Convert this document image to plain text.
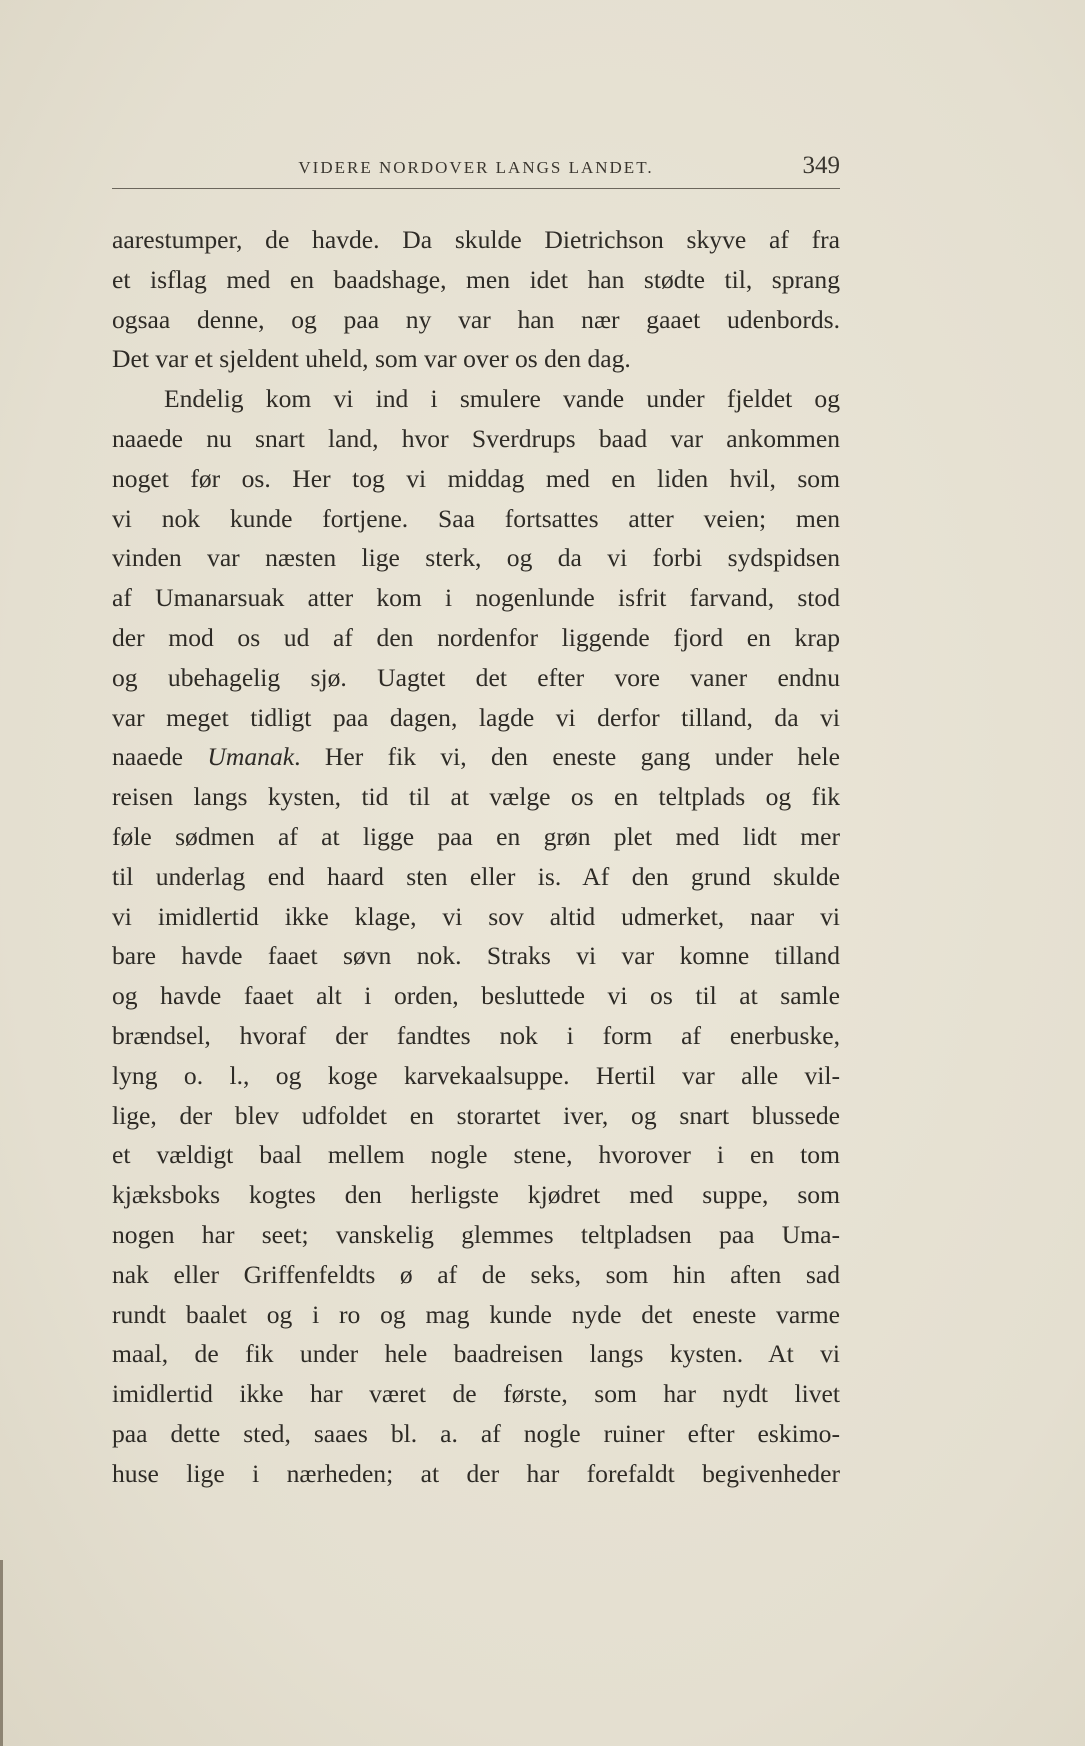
VIDERE NORDOVER LANGS LANDET.	349
aarestumper, de havde. Da skulde Dietrichson skyve af fra
et isflag med en baadshage, men idet han stødte til, sprang
ogsaa denne, og paa ny var han nær gaaet udenbords.
Det var et sjeldent uheld, som var over os den dag.
Endelig kom vi ind i smulere vande under fjeldet og
naaede nu snart land, hvor Sverdrups baad var ankommen
noget før os. Her tog vi middag med en liden hvil, som
vi nok kunde fortjene. Saa fortsattes atter veien; men
vinden var næsten lige sterk, og da vi forbi sydspidsen
af Umanarsuak atter kom i nogenlunde isfrit farvand, stod
der mod os ud af den nordenfor liggende fjord en krap
og ubehagelig sjø. Uagtet det efter vore vaner endnu
var meget tidligt paa dagen, lagde vi derfor tilland, da vi
naaede Umanak. Her fik vi, den eneste gang under hele
reisen langs kysten, tid til at vælge os en teltplads og fik
føle sødmen af at ligge paa en grøn plet med lidt mer
til underlag end haard sten eller is. Af den grund skulde
vi imidlertid ikke klage, vi sov altid udmerket, naar vi
bare havde faaet søvn nok. Straks vi var komne tilland
og havde faaet alt i orden, besluttede vi os til at samle
brændsel, hvoraf der fandtes nok i form af enerbuske,
lyng o. l., og koge karvekaalsuppe. Hertil var alle vil-
lige, der blev udfoldet en storartet iver, og snart blussede
et vældigt baal mellem nogle stene, hvorover i en tom
kjæksboks kogtes den herligste kjødret med suppe, som
nogen har seet; vanskelig glemmes teltpladsen paa Uma-
nak eller Griffenfeldts ø af de seks, som hin aften sad
rundt baalet og i ro og mag kunde nyde det eneste varme
maal, de fik under hele baadreisen langs kysten. At vi
imidlertid ikke har været de første, som har nydt livet
paa dette sted, saaes bl. a. af nogle ruiner efter eskimo-
huse lige i nærheden; at der har forefaldt begivenheder
